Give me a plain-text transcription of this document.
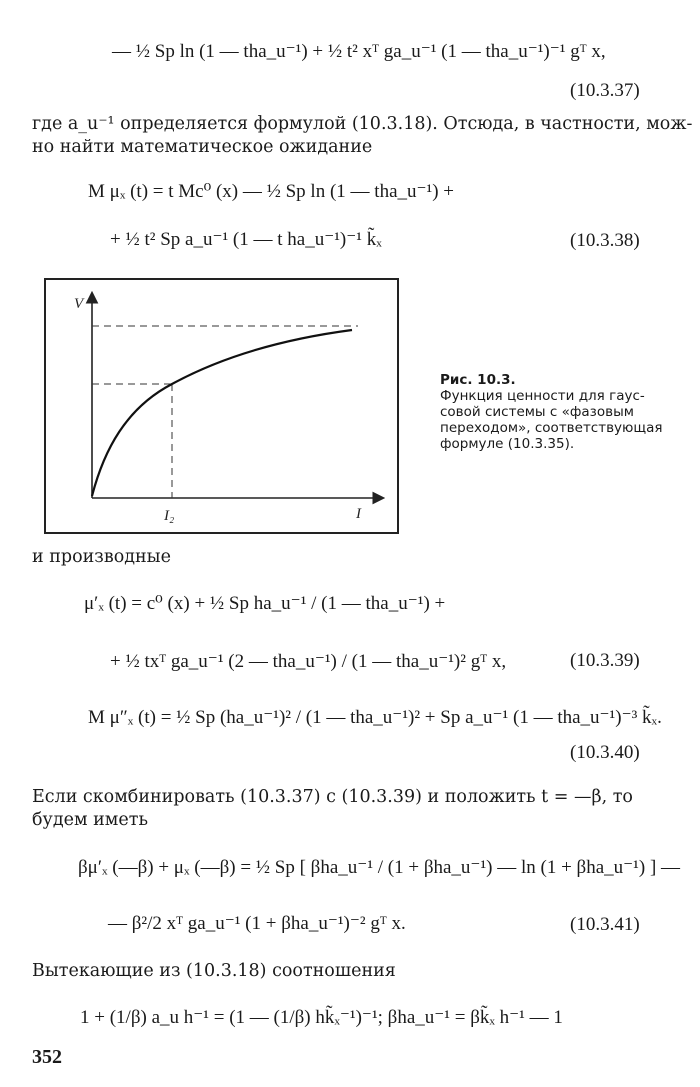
— ½ Sp ln (1 — tha_u⁻¹) + ½ t² xᵀ ga_u⁻¹ (1 — tha_u⁻¹)⁻¹ gᵀ x,
(10.3.37)
где a_u⁻¹ определяется формулой (10.3.18). Отсюда, в частности, мож-
но найти математическое ожидание
M μₓ (t) = t Mc⁰ (x) — ½ Sp ln (1 — tha_u⁻¹) +
+ ½ t² Sp a_u⁻¹ (1 — t ha_u⁻¹)⁻¹ k̃ₓ	(10.3.38)
V
I
I₂
Рис. 10.3.
Функция ценности для гауссовой системы с «фазовым переходом», соответствующая формуле (10.3.35).
и производные
μ′ₓ (t) = c⁰ (x) + ½ Sp ha_u⁻¹ / (1 — tha_u⁻¹) +
+ ½ txᵀ ga_u⁻¹ (2 — tha_u⁻¹) / (1 — tha_u⁻¹)² gᵀ x,	(10.3.39)
M μ″ₓ (t) = ½ Sp (ha_u⁻¹)² / (1 — tha_u⁻¹)² + Sp a_u⁻¹ (1 — tha_u⁻¹)⁻³ k̃ₓ.
(10.3.40)
Если скомбинировать (10.3.37) с (10.3.39) и положить t = —β, то
будем иметь
βμ′ₓ (—β) + μₓ (—β) = ½ Sp [ βha_u⁻¹ / (1 + βha_u⁻¹) — ln (1 + βha_u⁻¹) ] —
— β²/2 xᵀ ga_u⁻¹ (1 + βha_u⁻¹)⁻² gᵀ x.	(10.3.41)
Вытекающие из (10.3.18) соотношения
1 + (1/β) a_u h⁻¹ = (1 — (1/β) hk̃ₓ⁻¹)⁻¹; βha_u⁻¹ = βk̃ₓ h⁻¹ — 1
352
